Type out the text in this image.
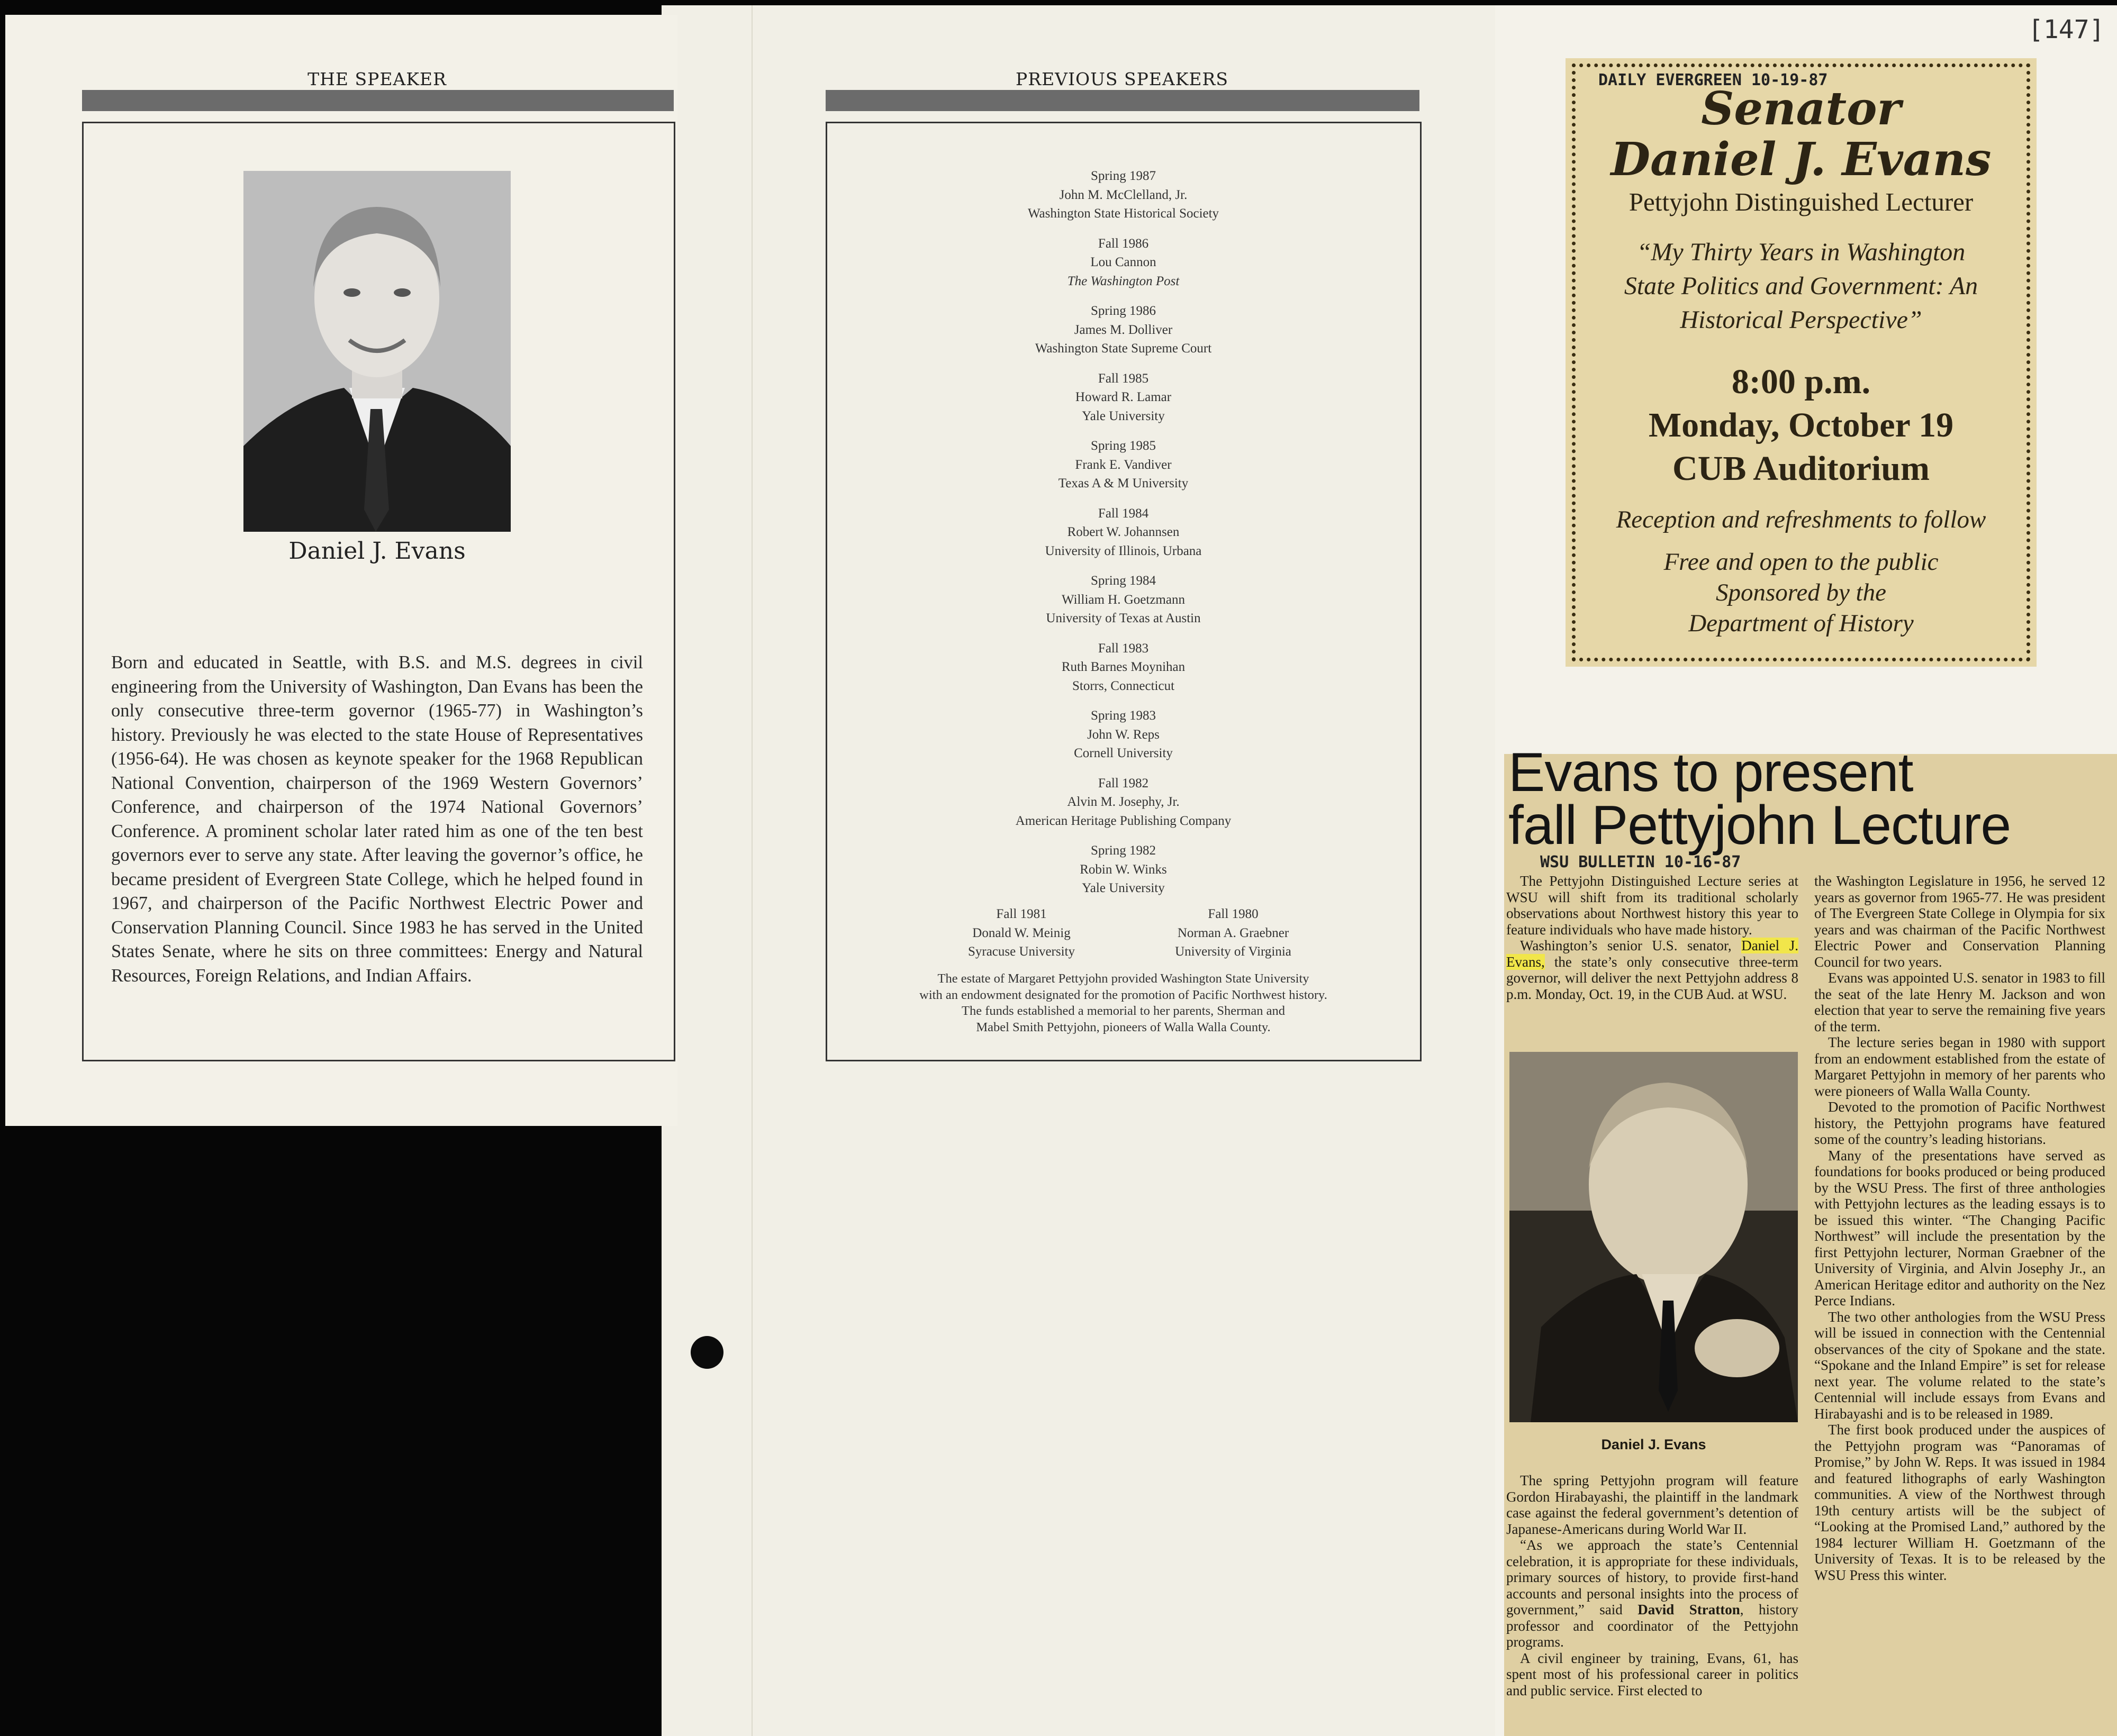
[147]
THE SPEAKER
Daniel J. Evans
Born and educated in Seattle, with B.S. and M.S. degrees in civil engineering from the University of Washington, Dan Evans has been the only consecutive three-term governor (1965-77) in Washington’s history. Previously he was elected to the state House of Representatives (1956-64). He was chosen as keynote speaker for the 1968 Republican National Convention, chairperson of the 1969 Western Governors’ Conference, and chairperson of the 1974 National Governors’ Conference. A prominent scholar later rated him as one of the ten best governors ever to serve any state. After leaving the governor’s office, he became president of Evergreen State College, which he helped found in 1967, and chairperson of the Pacific Northwest Electric Power and Conservation Planning Council. Since 1983 he has served in the United States Senate, where he sits on three committees: Energy and Natural Resources, Foreign Relations, and Indian Affairs.
PREVIOUS SPEAKERS
Spring 1987
John M. McClelland, Jr.
Washington State Historical Society
Fall 1986
Lou Cannon
The Washington Post
Spring 1986
James M. Dolliver
Washington State Supreme Court
Fall 1985
Howard R. Lamar
Yale University
Spring 1985
Frank E. Vandiver
Texas A & M University
Fall 1984
Robert W. Johannsen
University of Illinois, Urbana
Spring 1984
William H. Goetzmann
University of Texas at Austin
Fall 1983
Ruth Barnes Moynihan
Storrs, Connecticut
Spring 1983
John W. Reps
Cornell University
Fall 1982
Alvin M. Josephy, Jr.
American Heritage Publishing Company
Spring 1982
Robin W. Winks
Yale University
Fall 1981
Donald W. Meinig
Syracuse University
Fall 1980
Norman A. Graebner
University of Virginia
The estate of Margaret Pettyjohn provided Washington State University
with an endowment designated for the promotion of Pacific Northwest history.
The funds established a memorial to her parents, Sherman and
Mabel Smith Pettyjohn, pioneers of Walla Walla County.
DAILY EVERGREEN 10-19-87
Senator
Daniel J. Evans
Pettyjohn Distinguished Lecturer
“My Thirty Years in Washington
State Politics and Government: An
Historical Perspective”
8:00 p.m.
Monday, October 19
CUB Auditorium
Reception and refreshments to follow
Free and open to the public
Sponsored by the
Department of History
Evans to present
fall Pettyjohn Lecture
WSU BULLETIN 10-16-87

The Pettyjohn Distinguished Lecture series at WSU will shift from its traditional scholarly observations about Northwest history this year to feature individuals who have made history.

Washington’s senior U.S. senator, Daniel J. Evans, the state’s only consecutive three-term governor, will deliver the next Pettyjohn address 8 p.m. Monday, Oct. 19, in the CUB Aud. at WSU.

Daniel J. Evans

The spring Pettyjohn program will feature Gordon Hirabayashi, the plaintiff in the landmark case against the federal government’s detention of Japanese-Americans during World War II.

“As we approach the state’s Centennial celebration, it is appropriate for these individuals, primary sources of history, to provide first-hand accounts and personal insights into the process of government,” said David Stratton, history professor and coordinator of the Pettyjohn programs.

A civil engineer by training, Evans, 61, has spent most of his professional career in politics and public service. First elected to

the Washington Legislature in 1956, he served 12 years as governor from 1965-77. He was president of The Evergreen State College in Olympia for six years and was chairman of the Pacific Northwest Electric Power and Conservation Planning Council for two years.

Evans was appointed U.S. senator in 1983 to fill the seat of the late Henry M. Jackson and won election that year to serve the remaining five years of the term.

The lecture series began in 1980 with support from an endowment established from the estate of Margaret Pettyjohn in memory of her parents who were pioneers of Walla Walla County.

Devoted to the promotion of Pacific Northwest history, the Pettyjohn programs have featured some of the country’s leading historians.

Many of the presentations have served as foundations for books produced or being produced by the WSU Press. The first of three anthologies with Pettyjohn lectures as the leading essays is to be issued this winter. “The Changing Pacific Northwest” will include the presentation by the first Pettyjohn lecturer, Norman Graebner of the University of Virginia, and Alvin Josephy Jr., an American Heritage editor and authority on the Nez Perce Indians.

The two other anthologies from the WSU Press will be issued in connection with the Centennial observances of the city of Spokane and the state. “Spokane and the Inland Empire” is set for release next year. The volume related to the state’s Centennial will include essays from Evans and Hirabayashi and is to be released in 1989.

The first book produced under the auspices of the Pettyjohn program was “Panoramas of Promise,” by John W. Reps. It was issued in 1984 and featured lithographs of early Washington communities. A view of the Northwest through 19th century artists will be the subject of “Looking at the Promised Land,” authored by the 1984 lecturer William H. Goetzmann of the University of Texas. It is to be released by the WSU Press this winter.
